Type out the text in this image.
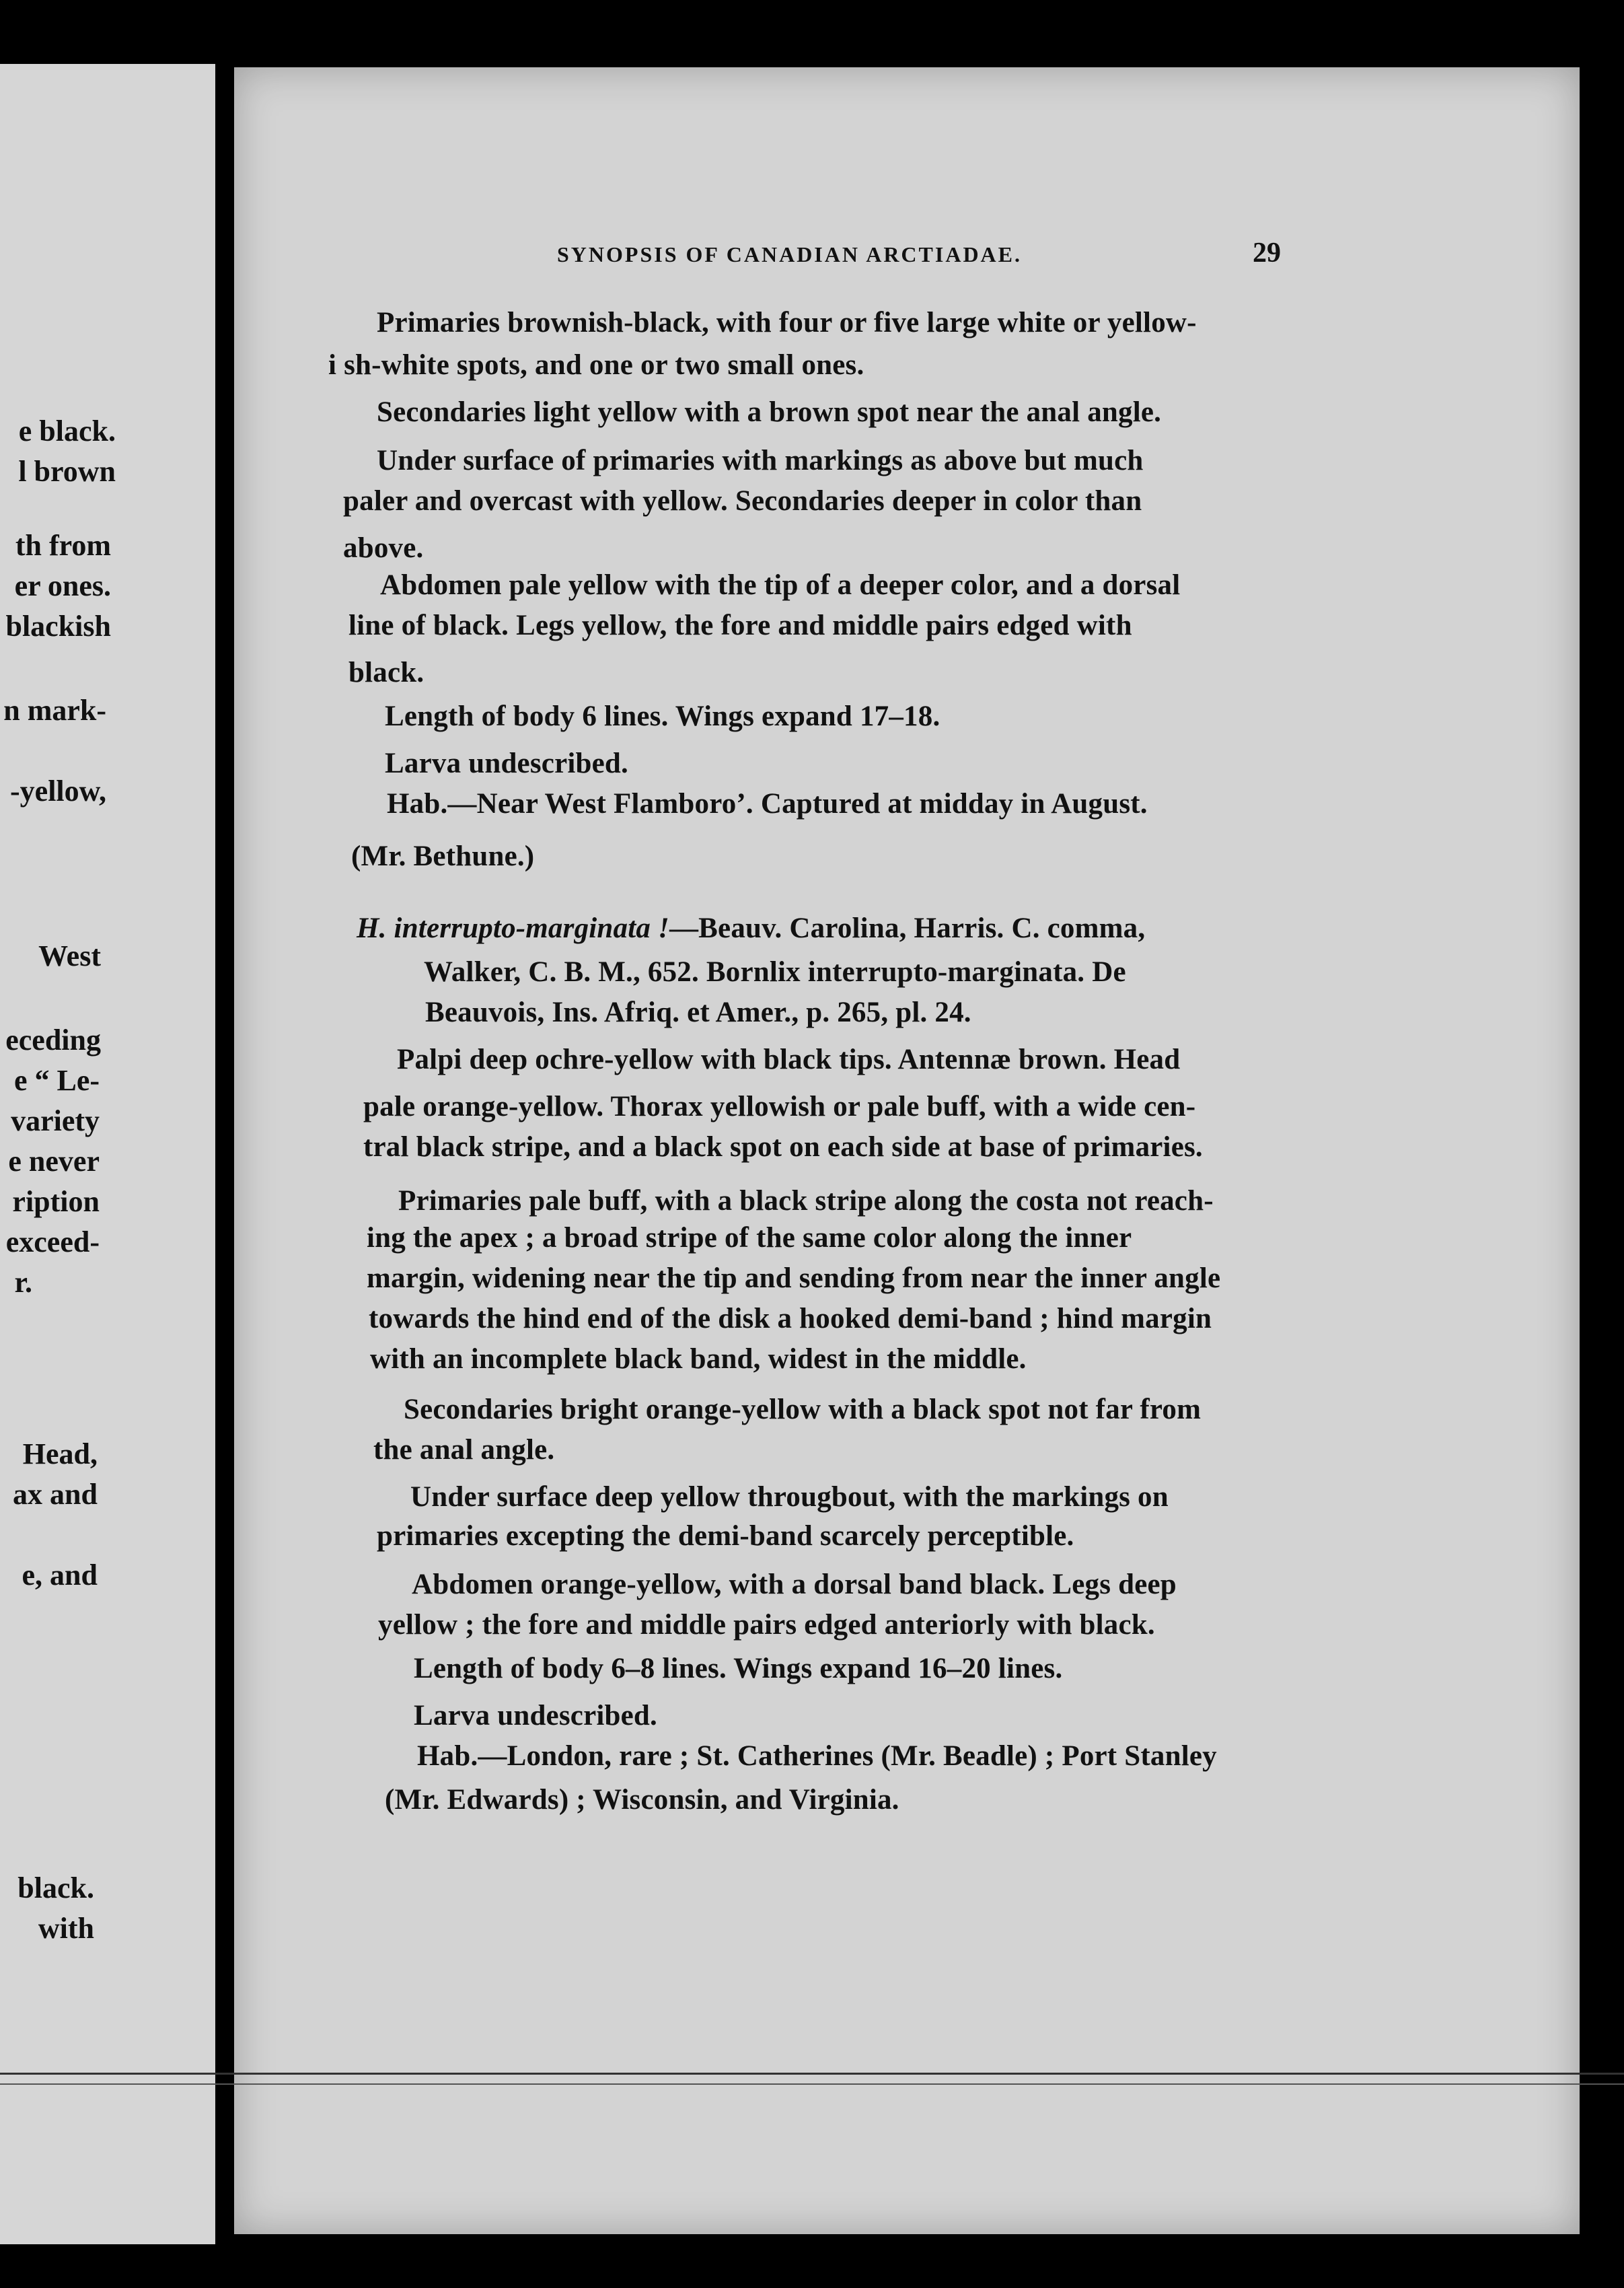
e black.
l brown
th from
er ones.
blackish
n mark-
-yellow,
West
eceding
e “ Le-
variety
e never
ription
exceed-
r.
Head,
ax and
e, and
black.
with
SYNOPSIS OF CANADIAN ARCTIADAE.	29
Primaries brownish-black, with four or five large white or yellow-
i sh-white spots, and one or two small ones.
Secondaries light yellow with a brown spot near the anal angle.
Under surface of primaries with markings as above but much
paler and overcast with yellow. Secondaries deeper in color than
above.
Abdomen pale yellow with the tip of a deeper color, and a dorsal
line of black. Legs yellow, the fore and middle pairs edged with
black.
Length of body 6 lines. Wings expand 17–18.
Larva undescribed.
Hab.—Near West Flamboro’. Captured at midday in August.
(Mr. Bethune.)
H. interrupto-marginata !—Beauv. Carolina, Harris. C. comma,
Walker, C. B. M., 652. Bornlix interrupto-marginata. De
Beauvois, Ins. Afriq. et Amer., p. 265, pl. 24.
Palpi deep ochre-yellow with black tips. Antennæ brown. Head
pale orange-yellow. Thorax yellowish or pale buff, with a wide cen-
tral black stripe, and a black spot on each side at base of primaries.
Primaries pale buff, with a black stripe along the costa not reach-
ing the apex ; a broad stripe of the same color along the inner
margin, widening near the tip and sending from near the inner angle
towards the hind end of the disk a hooked demi-band ; hind margin
with an incomplete black band, widest in the middle.
Secondaries bright orange-yellow with a black spot not far from
the anal angle.
Under surface deep yellow througbout, with the markings on
primaries excepting the demi-band scarcely perceptible.
Abdomen orange-yellow, with a dorsal band black. Legs deep
yellow ; the fore and middle pairs edged anteriorly with black.
Length of body 6–8 lines. Wings expand 16–20 lines.
Larva undescribed.
Hab.—London, rare ; St. Catherines (Mr. Beadle) ; Port Stanley
(Mr. Edwards) ; Wisconsin, and Virginia.
